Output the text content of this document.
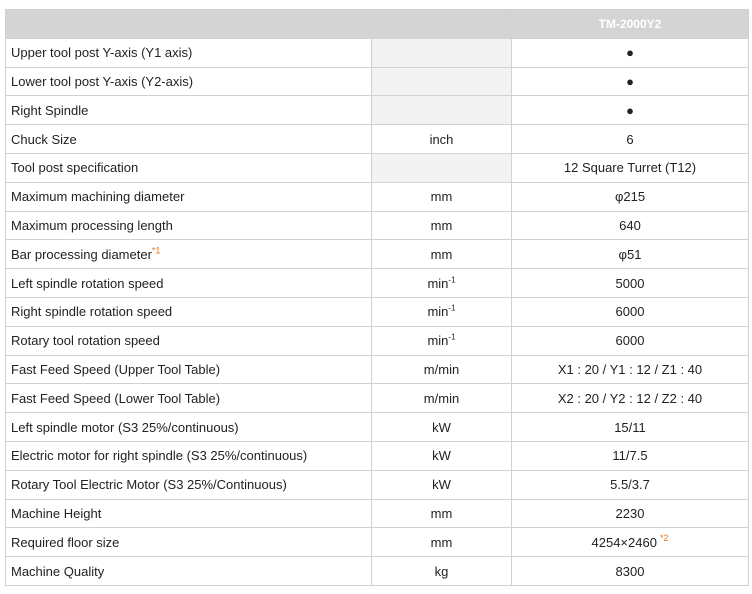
		TM-2000Y2
Upper tool post Y-axis (Y1 axis)		●
Lower tool post Y-axis (Y2-axis)		●
Right Spindle		●
Chuck Size	inch	6
Tool post specification		12 Square Turret (T12)
Maximum machining diameter	mm	φ215
Maximum processing length	mm	640
Bar processing diameter$^{*1}$	mm	φ51
Left spindle rotation speed	$\min^{-1}$	5000
Right spindle rotation speed	$\min^{-1}$	6000
Rotary tool rotation speed	$\min^{-1}$	6000
Fast Feed Speed (Upper Tool Table)	m/min	X1 : 20 / Y1 : 12 / Z1 : 40
Fast Feed Speed (Lower Tool Table)	m/min	X2 : 20 / Y2 : 12 / Z2 : 40
Left spindle motor (S3 25%/continuous)	kW	15/11
Electric motor for right spindle (S3 25%/continuous)	kW	11/7.5
Rotary Tool Electric Motor (S3 25%/Continuous)	kW	5.5/3.7
Machine Height	mm	2230
Required floor size	mm	4254×2460 $^{*2}$
Machine Quality	kg	8300
